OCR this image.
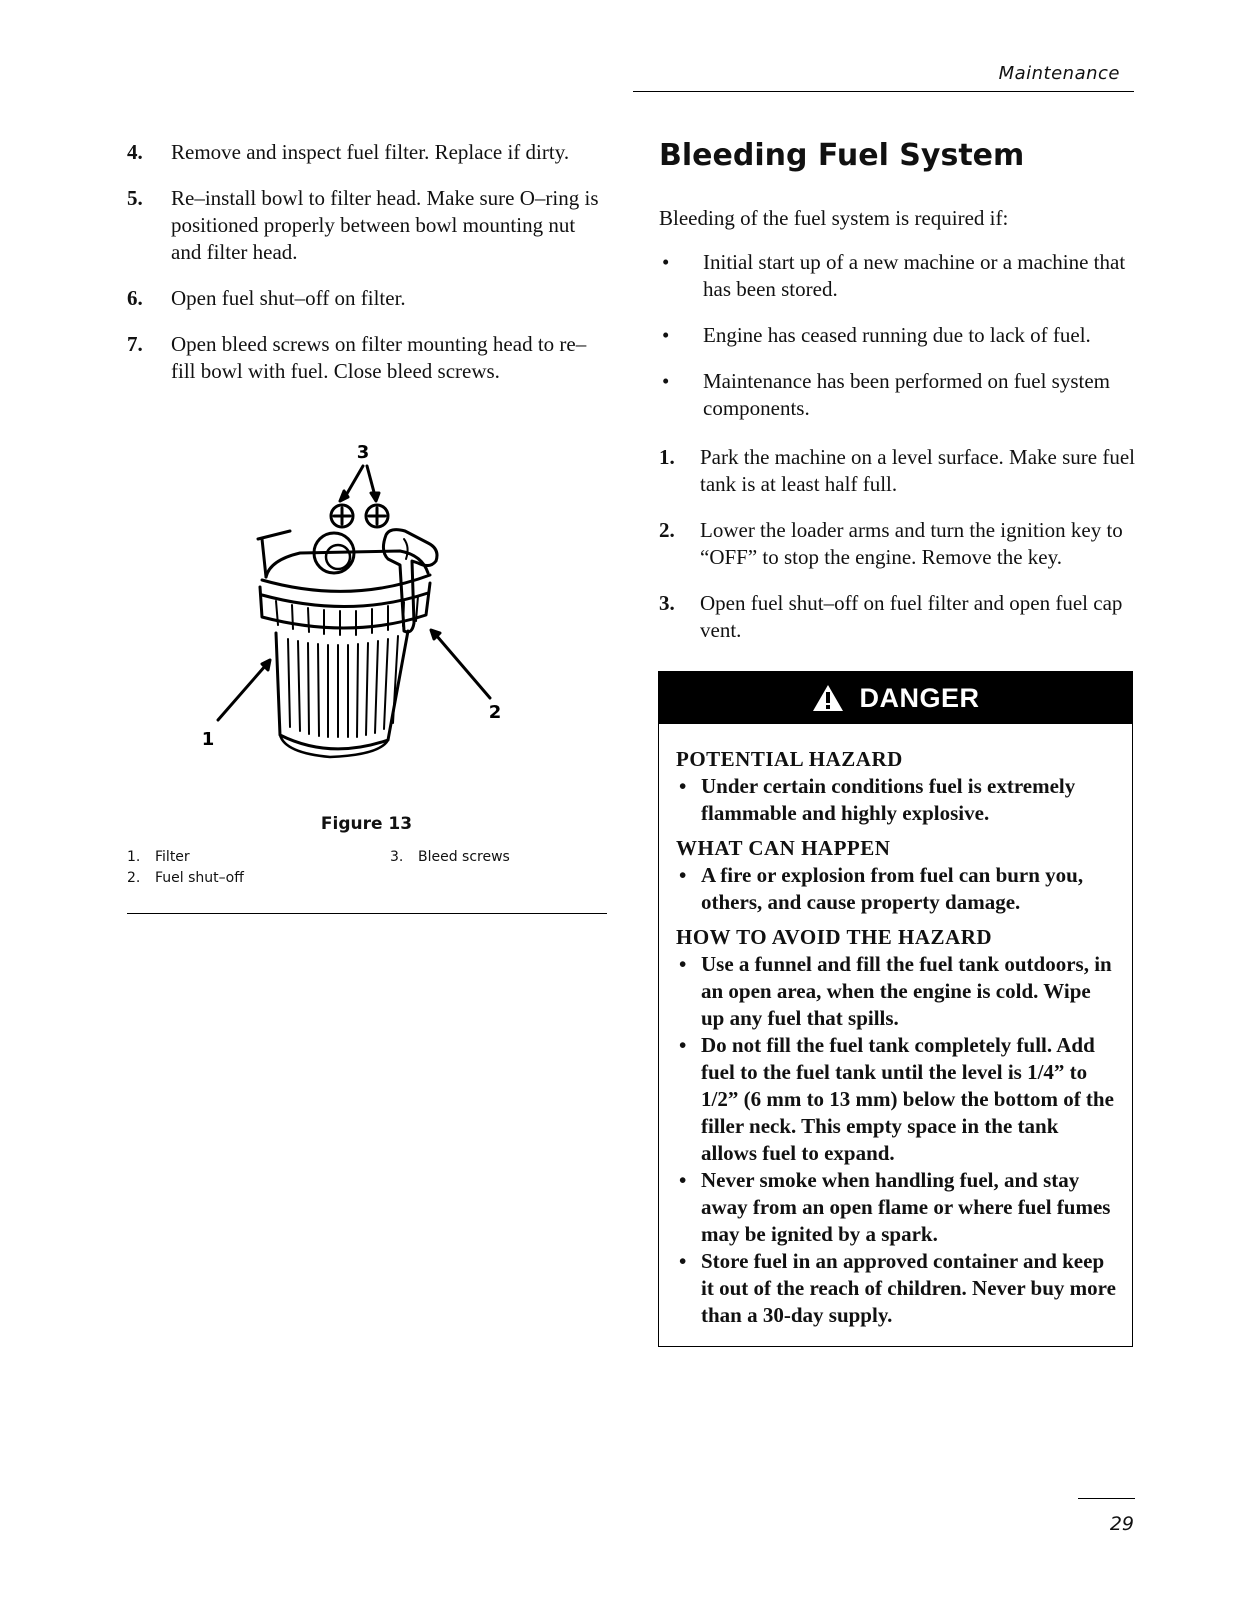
Maintenance
4.	Remove and inspect fuel filter. Replace if dirty.
5.	Re–install bowl to filter head. Make sure O–ring is positioned properly between bowl mounting nut and filter head.
6.	Open fuel shut–off on filter.
7.	Open bleed screws on filter mounting head to re–fill bowl with fuel. Close bleed screws.
3
1
2
Figure 13
1. Filter
2. Fuel shut–off
3. Bleed screws
Bleeding Fuel System
Bleeding of the fuel system is required if:
•	Initial start up of a new machine or a machine that has been stored.
•	Engine has ceased running due to lack of fuel.
•	Maintenance has been performed on fuel system components.
1.	Park the machine on a level surface. Make sure fuel tank is at least half full.
2.	Lower the loader arms and turn the ignition key to “OFF” to stop the engine. Remove the key.
3.	Open fuel shut–off on fuel filter and open fuel cap vent.
DANGER
POTENTIAL HAZARD
• Under certain conditions fuel is extremely flammable and highly explosive.
WHAT CAN HAPPEN
• A fire or explosion from fuel can burn you, others, and cause property damage.
HOW TO AVOID THE HAZARD
• Use a funnel and fill the fuel tank outdoors, in an open area, when the engine is cold. Wipe up any fuel that spills.
• Do not fill the fuel tank completely full. Add fuel to the fuel tank until the level is 1/4” to 1/2” (6 mm to 13 mm) below the bottom of the filler neck. This empty space in the tank allows fuel to expand.
• Never smoke when handling fuel, and stay away from an open flame or where fuel fumes may be ignited by a spark.
• Store fuel in an approved container and keep it out of the reach of children. Never buy more than a 30-day supply.
29
